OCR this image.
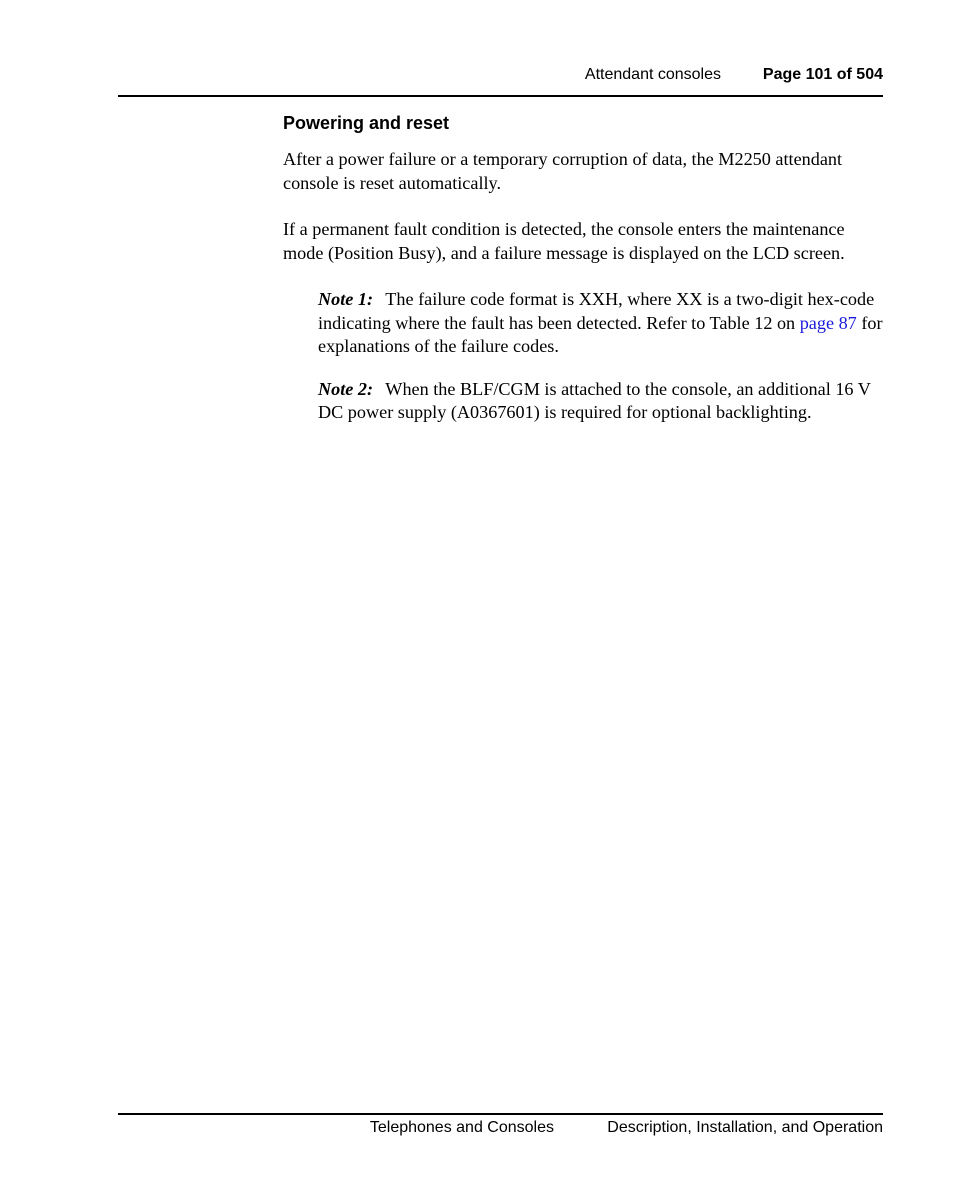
Attendant consoles	Page 101 of 504
Powering and reset

After a power failure or a temporary corruption of data, the M2250 attendant console is reset automatically.

If a permanent fault condition is detected, the console enters the maintenance mode (Position Busy), and a failure message is displayed on the LCD screen.

Note 1: The failure code format is XXH, where XX is a two-digit hex-code indicating where the fault has been detected. Refer to Table 12 on page 87 for explanations of the failure codes.

Note 2: When the BLF/CGM is attached to the console, an additional 16 V DC power supply (A0367601) is required for optional backlighting.

Telephones and Consoles	Description, Installation, and Operation
